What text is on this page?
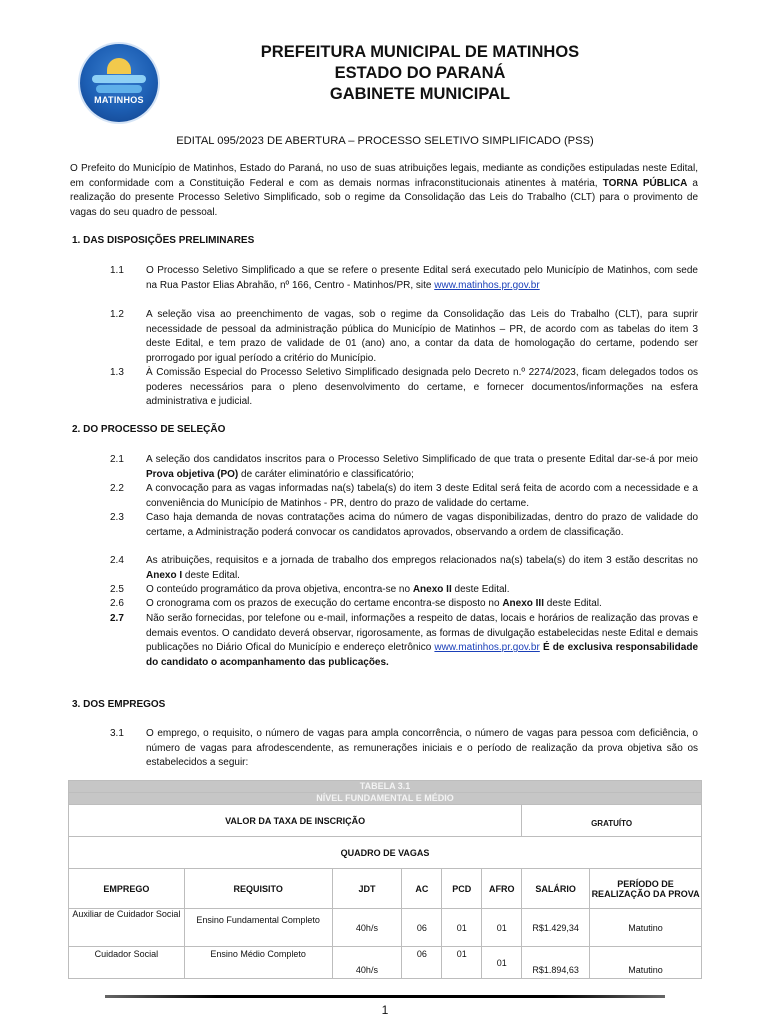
MATINHOS
PREFEITURA MUNICIPAL DE MATINHOS
ESTADO DO PARANÁ
GABINETE MUNICIPAL
EDITAL 095/2023 DE ABERTURA – PROCESSO SELETIVO SIMPLIFICADO (PSS)
O Prefeito do Município de Matinhos, Estado do Paraná, no uso de suas atribuições legais, mediante as condições estipuladas neste Edital, em conformidade com a Constituição Federal e com as demais normas infraconstitucionais atinentes à matéria, TORNA PÚBLICA a realização do presente Processo Seletivo Simplificado, sob o regime da Consolidação das Leis do Trabalho (CLT) para o provimento de vagas do seu quadro de pessoal.
1. DAS DISPOSIÇÕES PRELIMINARES
1.1 O Processo Seletivo Simplificado a que se refere o presente Edital será executado pelo Município de Matinhos, com sede na Rua Pastor Elias Abrahão, nº 166, Centro - Matinhos/PR, site www.matinhos.pr.gov.br
1.2 A seleção visa ao preenchimento de vagas, sob o regime da Consolidação das Leis do Trabalho (CLT), para suprir necessidade de pessoal da administração pública do Município de Matinhos – PR, de acordo com as tabelas do item 3 deste Edital, e tem prazo de validade de 01 (ano) ano, a contar da data de homologação do certame, podendo ser prorrogado por igual período a critério do Município.
1.3 À Comissão Especial do Processo Seletivo Simplificado designada pelo Decreto n.º 2274/2023, ficam delegados todos os poderes necessários para o pleno desenvolvimento do certame, e fornecer documentos/informações na esfera administrativa e judicial.
2. DO PROCESSO DE SELEÇÃO
2.1 A seleção dos candidatos inscritos para o Processo Seletivo Simplificado de que trata o presente Edital dar-se-á por meio Prova objetiva (PO) de caráter eliminatório e classificatório;
2.2 A convocação para as vagas informadas na(s) tabela(s) do item 3 deste Edital será feita de acordo com a necessidade e a conveniência do Município de Matinhos - PR, dentro do prazo de validade do certame.
2.3 Caso haja demanda de novas contratações acima do número de vagas disponibilizadas, dentro do prazo de validade do certame, a Administração poderá convocar os candidatos aprovados, observando a ordem de classificação.
2.4 As atribuições, requisitos e a jornada de trabalho dos empregos relacionados na(s) tabela(s) do item 3 estão descritas no Anexo I deste Edital.
2.5 O conteúdo programático da prova objetiva, encontra-se no Anexo II deste Edital.
2.6 O cronograma com os prazos de execução do certame encontra-se disposto no Anexo III deste Edital.
2.7 Não serão fornecidas, por telefone ou e-mail, informações a respeito de datas, locais e horários de realização das provas e demais eventos. O candidato deverá observar, rigorosamente, as formas de divulgação estabelecidas neste Edital e demais publicações no Diário Ofical do Município e endereço eletrônico www.matinhos.pr.gov.br É de exclusiva responsabilidade do candidato o acompanhamento das publicações.
3. DOS EMPREGOS
3.1 O emprego, o requisito, o número de vagas para ampla concorrência, o número de vagas para pessoa com deficiência, o número de vagas para afrodescendente, as remunerações iniciais e o período de realização da prova objetiva são os estabelecidos a seguir:
TABELA 3.1							
NÍVEL FUNDAMENTAL E MÉDIO							
VALOR DA TAXA DE INSCRIÇÃO						GRATUÍTO	
QUADRO DE VAGAS							
EMPREGO	REQUISITO	JDT	AC	PCD	AFRO	SALÁRIO	PERÍODO DE REALIZAÇÃO DA PROVA
Auxiliar de Cuidador Social	Ensino Fundamental Completo	40h/s	06	01	01	R$1.429,34	Matutino
Cuidador Social	Ensino Médio Completo	40h/s	06	01	01	R$1.894,63	Matutino
1
